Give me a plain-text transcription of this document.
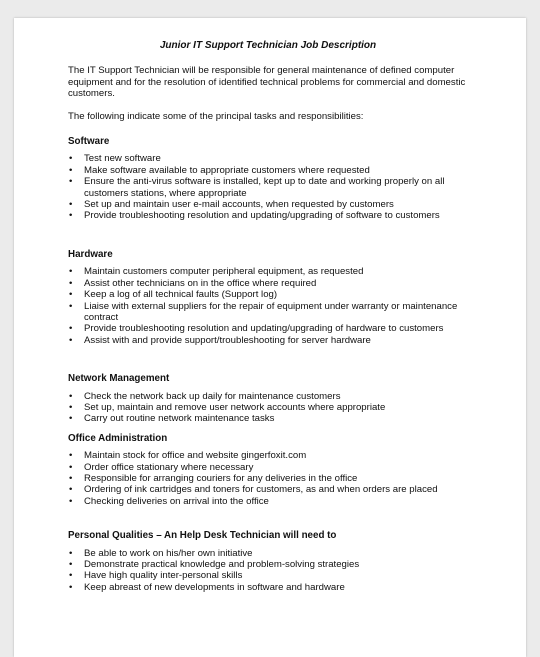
Junior IT Support Technician Job Description

The IT Support Technician will be responsible for general maintenance of defined computer equipment and for the resolution of identified technical problems for commercial and domestic customers.

The following indicate some of the principal tasks and responsibilities:

Software
• Test new software
• Make software available to appropriate customers where requested
• Ensure the anti-virus software is installed, kept up to date and working properly on all customers stations, where appropriate
• Set up and maintain user e-mail accounts, when requested by customers
• Provide troubleshooting resolution and updating/upgrading of software to customers
Hardware
• Maintain customers computer peripheral equipment, as requested
• Assist other technicians on in the office where required
• Keep a log of all technical faults (Support log)
• Liaise with external suppliers for the repair of equipment under warranty or maintenance contract
• Provide troubleshooting resolution and updating/upgrading of hardware to customers
• Assist with and provide support/troubleshooting for server hardware
Network Management
• Check the network back up daily for maintenance customers
• Set up, maintain and remove user network accounts where appropriate
• Carry out routine network maintenance tasks
Office Administration
• Maintain stock for office and website gingerfoxit.com
• Order office stationary where necessary
• Responsible for arranging couriers for any deliveries in the office
• Ordering of ink cartridges and toners for customers, as and when orders are placed
• Checking deliveries on arrival into the office
Personal Qualities – An Help Desk Technician will need to
• Be able to work on his/her own initiative
• Demonstrate practical knowledge and problem-solving strategies
• Have high quality inter-personal skills
• Keep abreast of new developments in software and hardware
